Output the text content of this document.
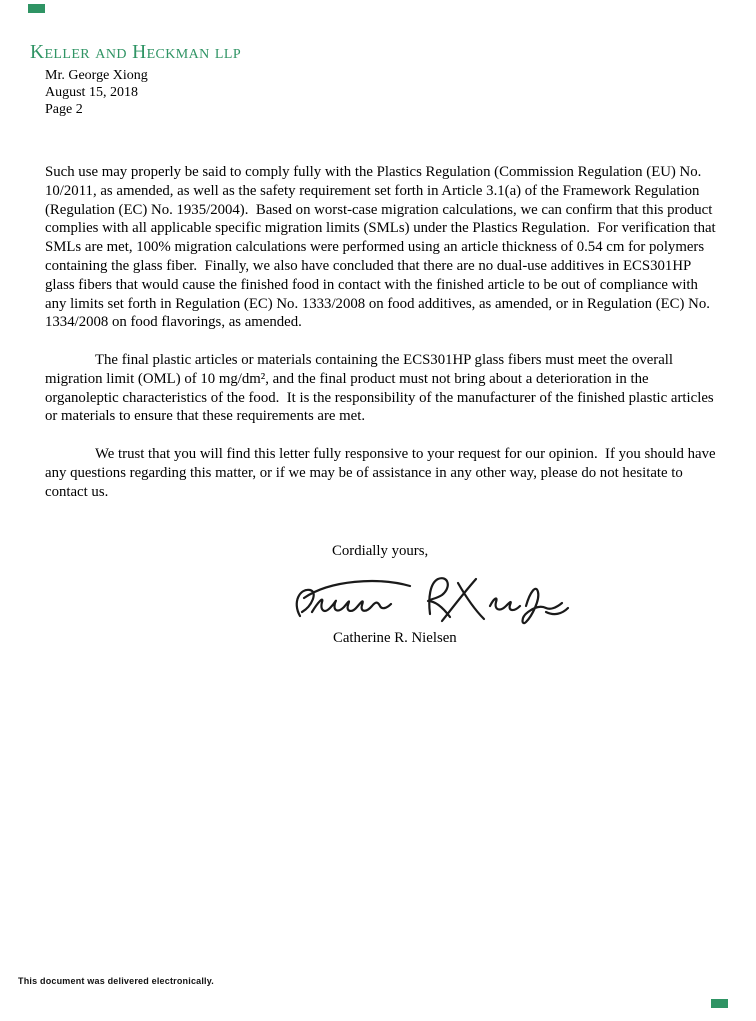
Keller and Heckman llp
Mr. George Xiong
August 15, 2018
Page 2

Such use may properly be said to comply fully with the Plastics Regulation (Commission Regulation (EU) No. 10/2011, as amended, as well as the safety requirement set forth in Article 3.1(a) of the Framework Regulation (Regulation (EC) No. 1935/2004).  Based on worst-case migration calculations, we can confirm that this product complies with all applicable specific migration limits (SMLs) under the Plastics Regulation.  For verification that SMLs are met, 100% migration calculations were performed using an article thickness of 0.54 cm for polymers containing the glass fiber.  Finally, we also have concluded that there are no dual-use additives in ECS301HP glass fibers that would cause the finished food in contact with the finished article to be out of compliance with any limits set forth in Regulation (EC) No. 1333/2008 on food additives, as amended, or in Regulation (EC) No. 1334/2008 on food flavorings, as amended.

The final plastic articles or materials containing the ECS301HP glass fibers must meet the overall migration limit (OML) of 10 mg/dm², and the final product must not bring about a deterioration in the organoleptic characteristics of the food.  It is the responsibility of the manufacturer of the finished plastic articles or materials to ensure that these requirements are met.

We trust that you will find this letter fully responsive to your request for our opinion.  If you should have any questions regarding this matter, or if we may be of assistance in any other way, please do not hesitate to contact us.

Cordially yours,
Catherine R. Nielsen
This document was delivered electronically.
